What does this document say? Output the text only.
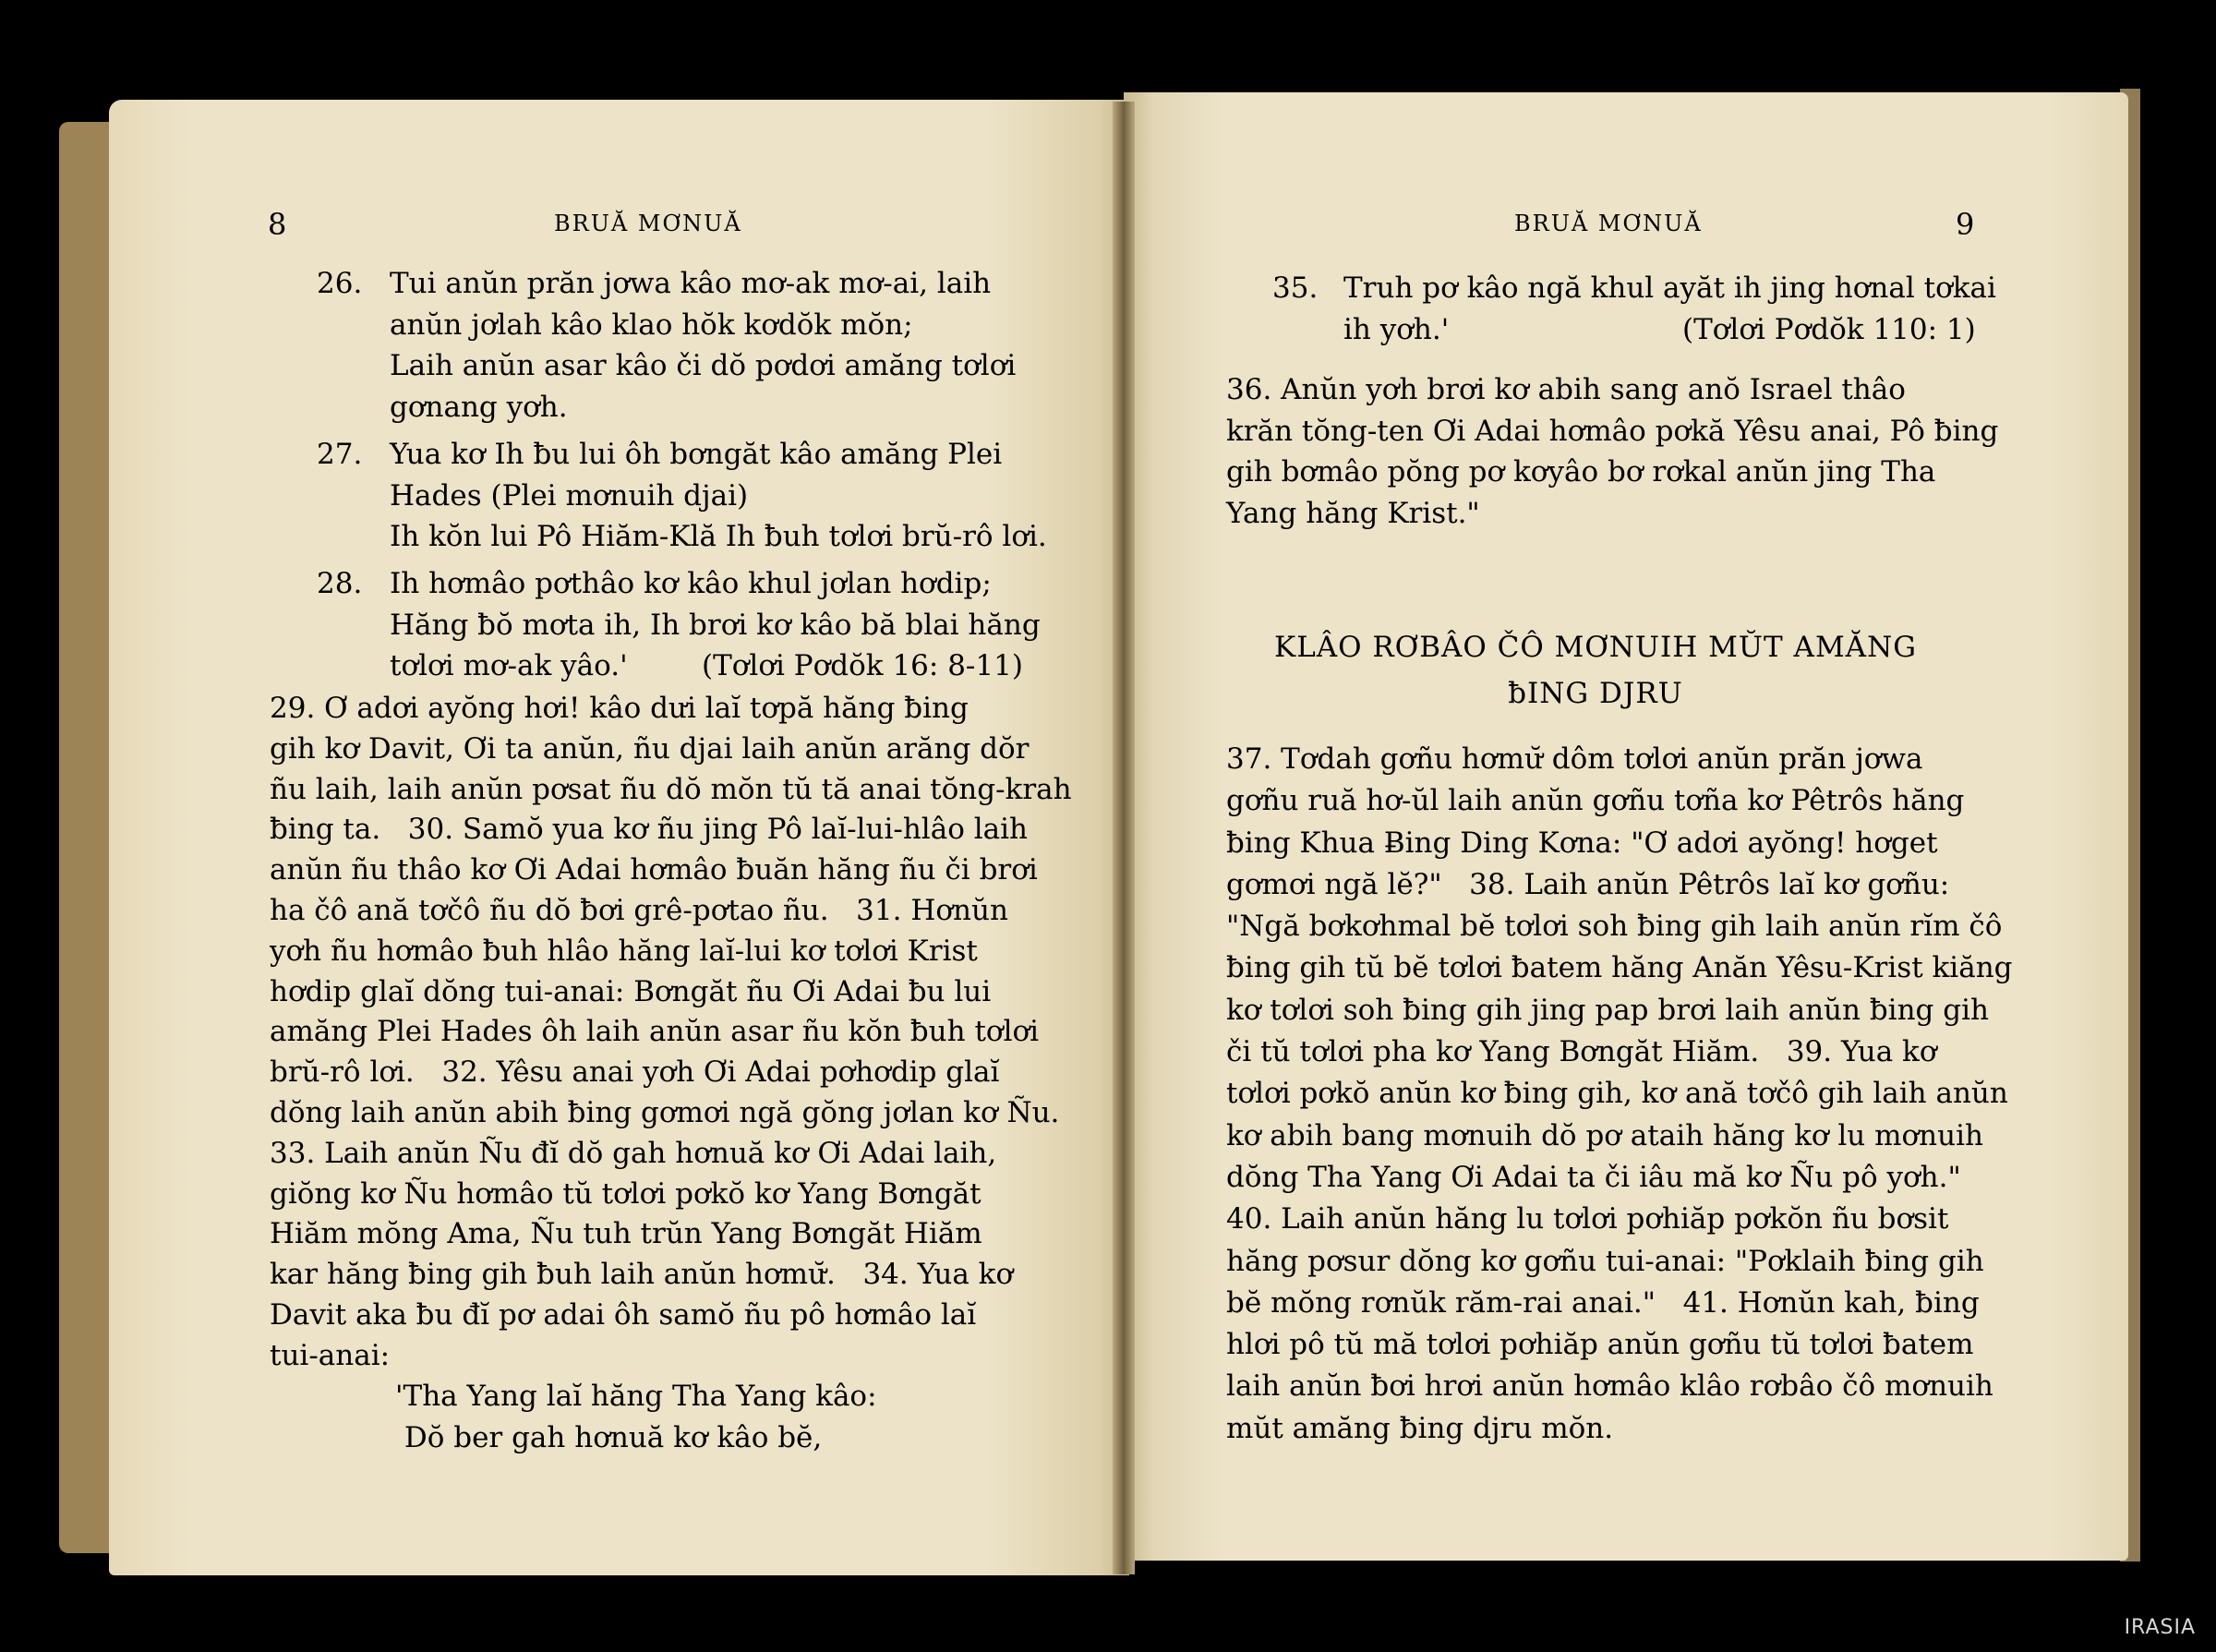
8	BRUĂ MƠNUĂ
26. Tui anŭn prăn jơwa kâo mơ-ak mơ-ai, laih
anŭn jơlah kâo klao hŏk kơdŏk mŏn;
Laih anŭn asar kâo či dŏ pơdơi amăng tơlơi
gơnang yơh.
27. Yua kơ Ih ƀu lui ôh bơngăt kâo amăng Plei
Hades (Plei mơnuih djai)
Ih kŏn lui Pô Hiăm-Klă Ih ƀuh tơlơi brŭ-rô lơi.
28. Ih hơmâo pơthâo kơ kâo khul jơlan hơdip;
Hăng ƀŏ mơta ih, Ih brơi kơ kâo bă blai hăng
tơlơi mơ-ak yâo.'	(Tơlơi Pơdŏk 16: 8-11)
29. Ơ adơi ayŏng hơi! kâo dưi laĭ tơpă hăng ƀing
gih kơ Davit, Ơi ta anŭn, ñu djai laih anŭn arăng dŏr
ñu laih, laih anŭn pơsat ñu dŏ mŏn tŭ tă anai tŏng-krah
ƀing ta.   30. Samŏ yua kơ ñu jing Pô laĭ-lui-hlâo laih
anŭn ñu thâo kơ Ơi Adai hơmâo ƀuăn hăng ñu či brơi
ha čô ană tơčô ñu dŏ ƀơi grê-pơtao ñu.   31. Hơnŭn
yơh ñu hơmâo ƀuh hlâo hăng laĭ-lui kơ tơlơi Krist
hơdip glaĭ dŏng tui-anai: Bơngăt ñu Ơi Adai ƀu lui
amăng Plei Hades ôh laih anŭn asar ñu kŏn ƀuh tơlơi
brŭ-rô lơi.   32. Yêsu anai yơh Ơi Adai pơhơdip glaĭ
dŏng laih anŭn abih ƀing gơmơi ngă gŏng jơlan kơ Ñu.
33. Laih anŭn Ñu đĭ dŏ gah hơnuă kơ Ơi Adai laih,
giŏng kơ Ñu hơmâo tŭ tơlơi pơkŏ kơ Yang Bơngăt
Hiăm mŏng Ama, Ñu tuh trŭn Yang Bơngăt Hiăm
kar hăng ƀing gih ƀuh laih anŭn hơmư̆.   34. Yua kơ
Davit aka ƀu đĭ pơ adai ôh samŏ ñu pô hơmâo laĭ
tui-anai:
'Tha Yang laĭ hăng Tha Yang kâo:
Dŏ ber gah hơnuă kơ kâo bĕ,
BRUĂ MƠNUĂ	9
35. Truh pơ kâo ngă khul ayăt ih jing hơnal tơkai
ih yơh.'	(Tơlơi Pơdŏk 110: 1)
36. Anŭn yơh brơi kơ abih sang anŏ Israel thâo
krăn tŏng-ten Ơi Adai hơmâo pơkă Yêsu anai, Pô ƀing
gih bơmâo pŏng pơ kơyâo bơ rơkal anŭn jing Tha
Yang hăng Krist."
KLÂO RƠBÂO ČÔ MƠNUIH MŬT AMĂNG
ƀING DJRU
37. Tơdah gơñu hơmư̆ dôm tơlơi anŭn prăn jơwa
gơñu ruă hơ-ŭl laih anŭn gơñu tơña kơ Pêtrôs hăng
ƀing Khua Ƀing Ding Kơna: "Ơ adơi ayŏng! hơget
gơmơi ngă lĕ?"   38. Laih anŭn Pêtrôs laĭ kơ gơñu:
"Ngă bơkơhmal bĕ tơlơi soh ƀing gih laih anŭn rĭm čô
ƀing gih tŭ bĕ tơlơi ƀatem hăng Anăn Yêsu-Krist kiăng
kơ tơlơi soh ƀing gih jing pap brơi laih anŭn ƀing gih
či tŭ tơlơi pha kơ Yang Bơngăt Hiăm.   39. Yua kơ
tơlơi pơkŏ anŭn kơ ƀing gih, kơ ană tơčô gih laih anŭn
kơ abih bang mơnuih dŏ pơ ataih hăng kơ lu mơnuih
dŏng Tha Yang Ơi Adai ta či iâu mă kơ Ñu pô yơh."
40. Laih anŭn hăng lu tơlơi pơhiăp pơkŏn ñu bơsit
hăng pơsur dŏng kơ gơñu tui-anai: "Pơklaih ƀing gih
bĕ mŏng rơnŭk răm-rai anai."   41. Hơnŭn kah, ƀing
hlơi pô tŭ mă tơlơi pơhiăp anŭn gơñu tŭ tơlơi ƀatem
laih anŭn ƀơi hrơi anŭn hơmâo klâo rơbâo čô mơnuih
mŭt amăng ƀing djru mŏn.
IRASIA
